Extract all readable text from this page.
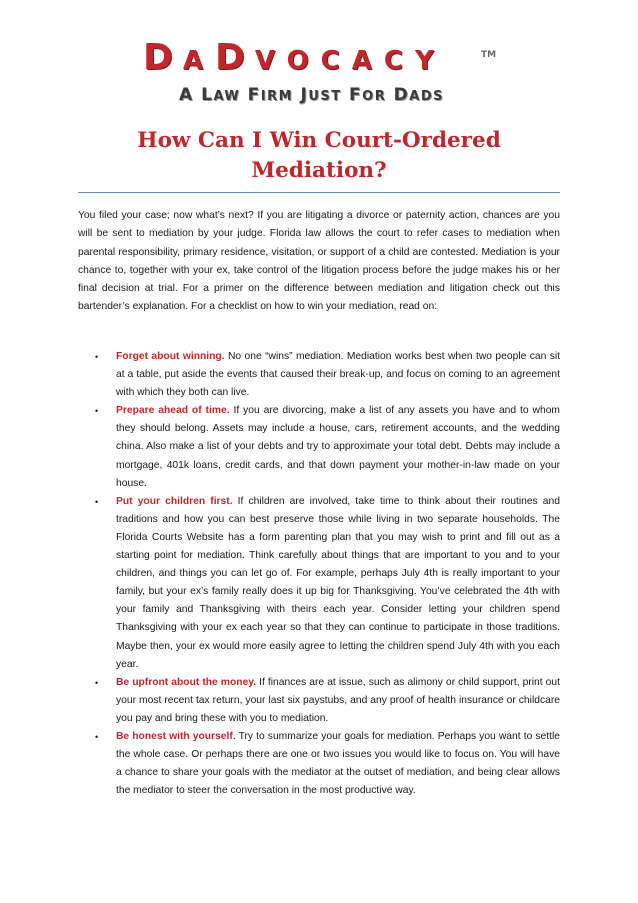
DADVOCACY	TM
A LAW FIRM JUST FOR DADS
How Can I Win Court-Ordered Mediation?

You filed your case; now what’s next? If you are litigating a divorce or paternity action, chances are you will be sent to mediation by your judge. Florida law allows the court to refer cases to mediation when parental responsibility, primary residence, visitation, or support of a child are contested. Mediation is your chance to, together with your ex, take control of the litigation process before the judge makes his or her final decision at trial. For a primer on the difference between mediation and litigation check out this bartender’s explanation. For a checklist on how to win your mediation, read on:

• Forget about winning. No one “wins” mediation. Mediation works best when two people can sit at a table, put aside the events that caused their break-up, and focus on coming to an agreement with which they both can live.
• Prepare ahead of time. If you are divorcing, make a list of any assets you have and to whom they should belong. Assets may include a house, cars, retirement accounts, and the wedding china. Also make a list of your debts and try to approximate your total debt. Debts may include a mortgage, 401k loans, credit cards, and that down payment your mother-in-law made on your house.
• Put your children first. If children are involved, take time to think about their routines and traditions and how you can best preserve those while living in two separate households. The Florida Courts Website has a form parenting plan that you may wish to print and fill out as a starting point for mediation. Think carefully about things that are important to you and to your children, and things you can let go of. For example, perhaps July 4th is really important to your family, but your ex’s family really does it up big for Thanksgiving. You’ve celebrated the 4th with your family and Thanksgiving with theirs each year. Consider letting your children spend Thanksgiving with your ex each year so that they can continue to participate in those traditions. Maybe then, your ex would more easily agree to letting the children spend July 4th with you each year.
• Be upfront about the money. If finances are at issue, such as alimony or child support, print out your most recent tax return, your last six paystubs, and any proof of health insurance or childcare you pay and bring these with you to mediation.
• Be honest with yourself. Try to summarize your goals for mediation. Perhaps you want to settle the whole case. Or perhaps there are one or two issues you would like to focus on. You will have a chance to share your goals with the mediator at the outset of mediation, and being clear allows the mediator to steer the conversation in the most productive way.
